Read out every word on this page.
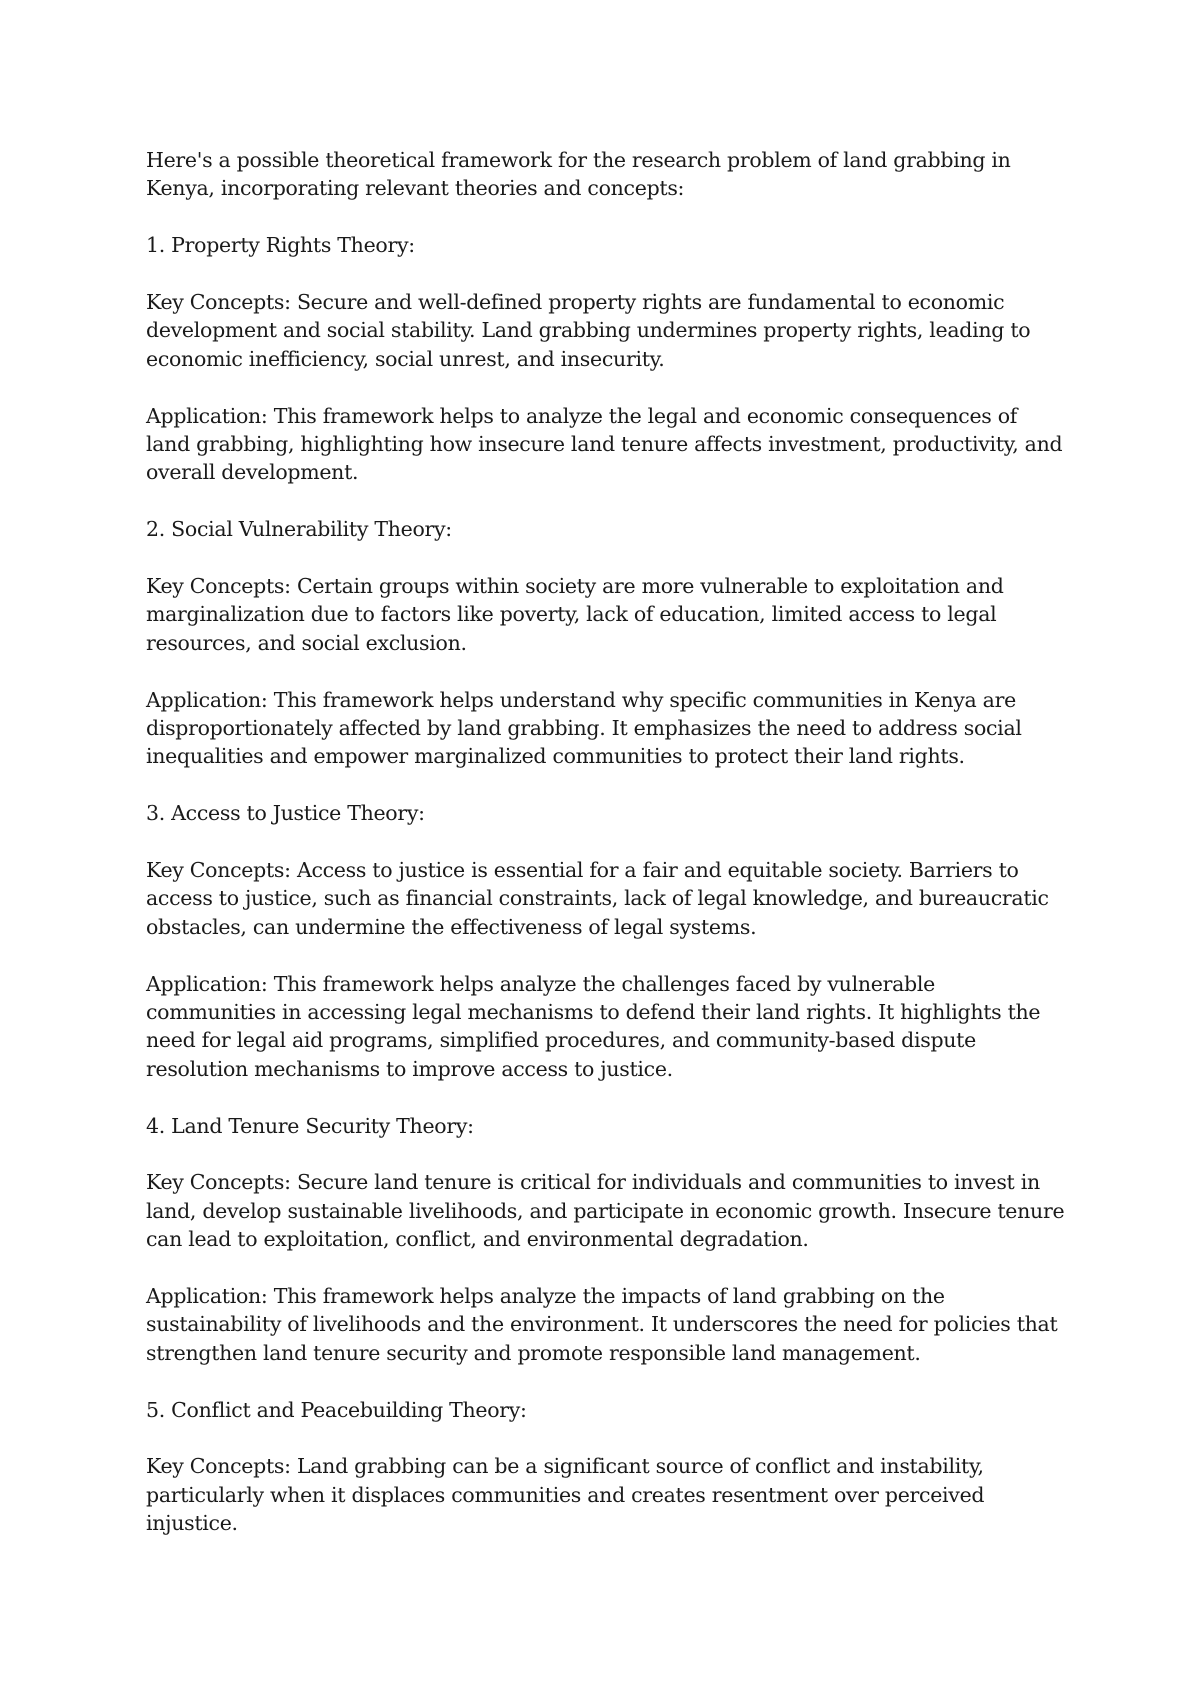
Here's a possible theoretical framework for the research problem of land grabbing in Kenya, incorporating relevant theories and concepts:

1. Property Rights Theory:

Key Concepts: Secure and well-defined property rights are fundamental to economic development and social stability. Land grabbing undermines property rights, leading to economic inefficiency, social unrest, and insecurity.

Application: This framework helps to analyze the legal and economic consequences of land grabbing, highlighting how insecure land tenure affects investment, productivity, and overall development.

2. Social Vulnerability Theory:

Key Concepts: Certain groups within society are more vulnerable to exploitation and marginalization due to factors like poverty, lack of education, limited access to legal resources, and social exclusion.

Application: This framework helps understand why specific communities in Kenya are disproportionately affected by land grabbing. It emphasizes the need to address social inequalities and empower marginalized communities to protect their land rights.

3. Access to Justice Theory:

Key Concepts: Access to justice is essential for a fair and equitable society. Barriers to access to justice, such as financial constraints, lack of legal knowledge, and bureaucratic obstacles, can undermine the effectiveness of legal systems.

Application: This framework helps analyze the challenges faced by vulnerable communities in accessing legal mechanisms to defend their land rights. It highlights the need for legal aid programs, simplified procedures, and community-based dispute resolution mechanisms to improve access to justice.

4. Land Tenure Security Theory:

Key Concepts: Secure land tenure is critical for individuals and communities to invest in land, develop sustainable livelihoods, and participate in economic growth. Insecure tenure can lead to exploitation, conflict, and environmental degradation.

Application: This framework helps analyze the impacts of land grabbing on the sustainability of livelihoods and the environment. It underscores the need for policies that strengthen land tenure security and promote responsible land management.

5. Conflict and Peacebuilding Theory:

Key Concepts: Land grabbing can be a significant source of conflict and instability, particularly when it displaces communities and creates resentment over perceived injustice.
